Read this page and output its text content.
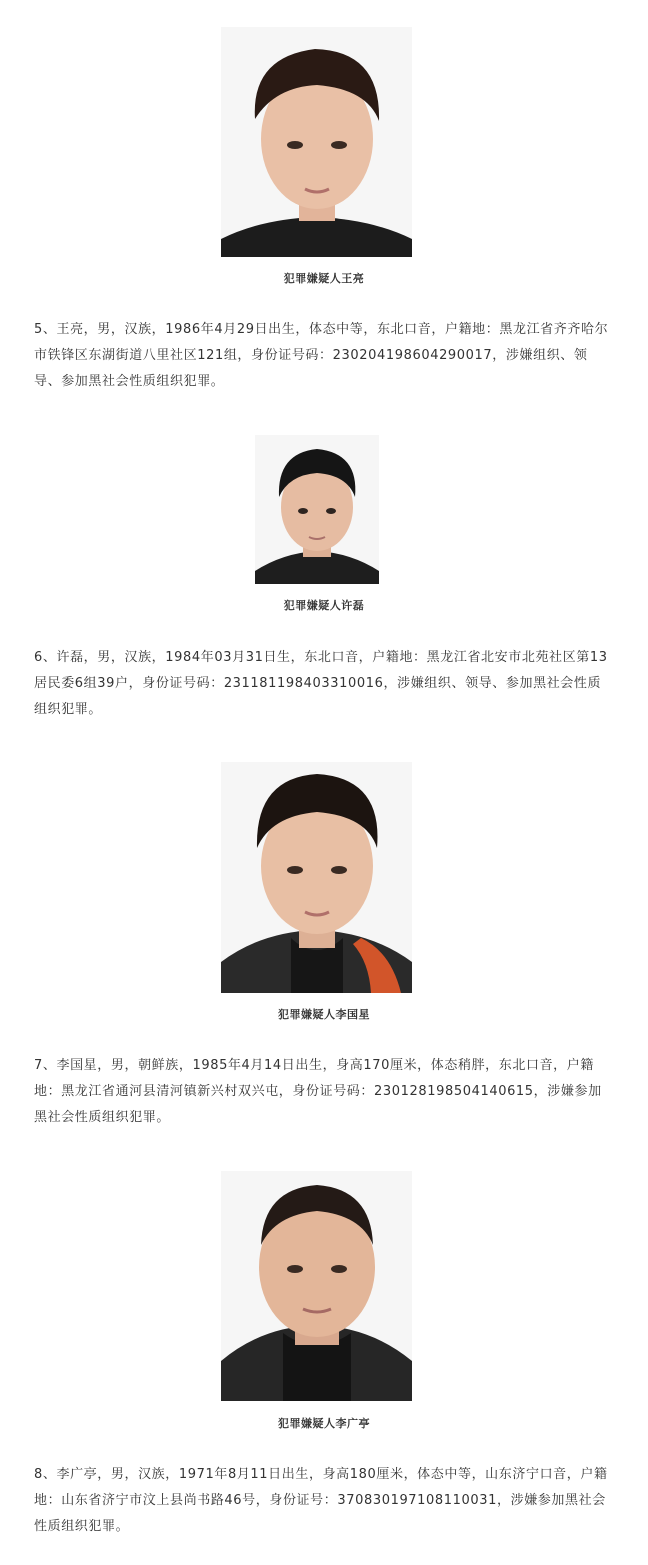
犯罪嫌疑人王亮
5、王亮，男，汉族，1986年4月29日出生，体态中等，东北口音，户籍地：黑龙江省齐齐哈尔市铁锋区东湖街道八里社区121组，身份证号码：230204198604290017，涉嫌组织、领导、参加黑社会性质组织犯罪。
犯罪嫌疑人许磊
6、许磊，男，汉族，1984年03月31日生，东北口音，户籍地：黑龙江省北安市北苑社区第13居民委6组39户，身份证号码：231181198403310016，涉嫌组织、领导、参加黑社会性质组织犯罪。
犯罪嫌疑人李国星
7、李国星，男，朝鲜族，1985年4月14日出生，身高170厘米，体态稍胖，东北口音，户籍地：黑龙江省通河县清河镇新兴村双兴屯，身份证号码：230128198504140615，涉嫌参加黑社会性质组织犯罪。
犯罪嫌疑人李广亭
8、李广亭，男，汉族，1971年8月11日出生，身高180厘米，体态中等，山东济宁口音，户籍地：山东省济宁市汶上县尚书路46号，身份证号：370830197108110031，涉嫌参加黑社会性质组织犯罪。
